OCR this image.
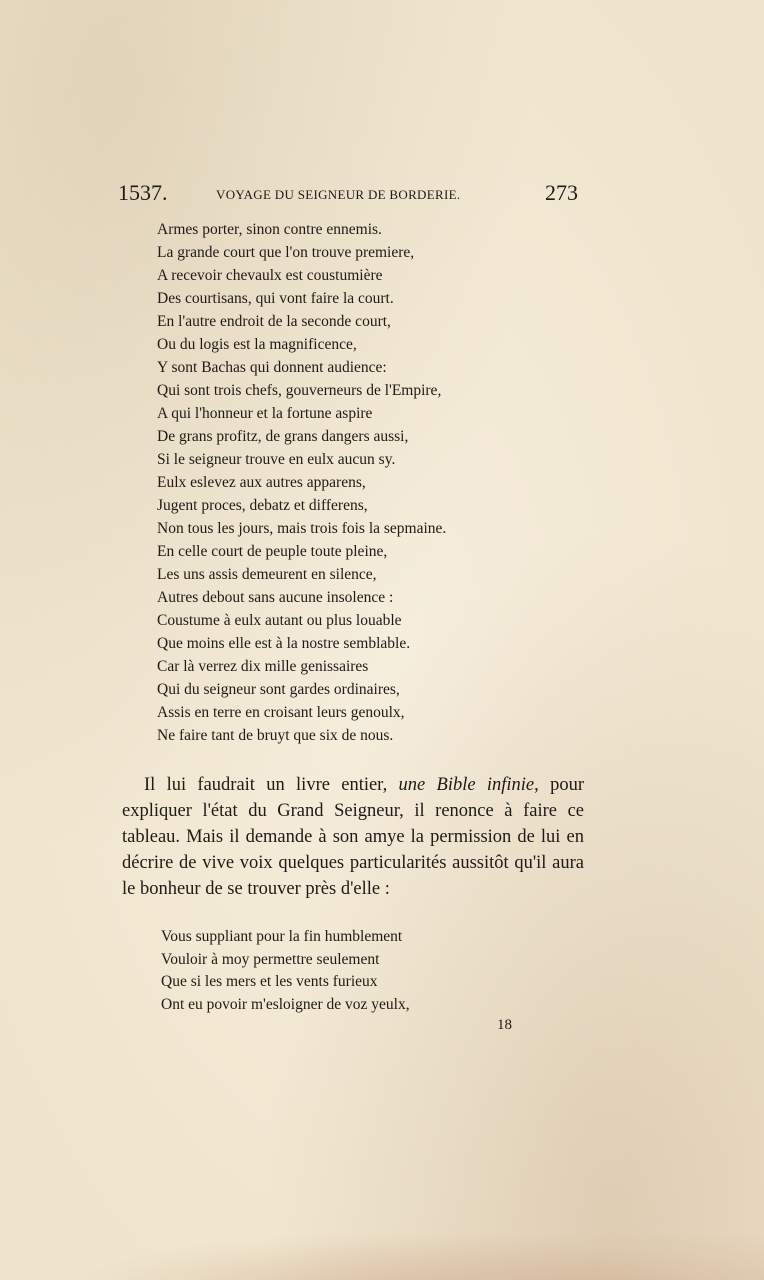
1537.	VOYAGE DU SEIGNEUR DE BORDERIE.	273
Armes porter, sinon contre ennemis.
La grande court que l'on trouve premiere,
A recevoir chevaulx est coustumière
Des courtisans, qui vont faire la court.
En l'autre endroit de la seconde court,
Ou du logis est la magnificence,
Y sont Bachas qui donnent audience:
Qui sont trois chefs, gouverneurs de l'Empire,
A qui l'honneur et la fortune aspire
De grans profitz, de grans dangers aussi,
Si le seigneur trouve en eulx aucun sy.
Eulx eslevez aux autres apparens,
Jugent proces, debatz et differens,
Non tous les jours, mais trois fois la sepmaine.
En celle court de peuple toute pleine,
Les uns assis demeurent en silence,
Autres debout sans aucune insolence :
Coustume à eulx autant ou plus louable
Que moins elle est à la nostre semblable.
Car là verrez dix mille genissaires
Qui du seigneur sont gardes ordinaires,
Assis en terre en croisant leurs genoulx,
Ne faire tant de bruyt que six de nous.

Il lui faudrait un livre entier, une Bible infinie, pour expliquer l'état du Grand Seigneur, il renonce à faire ce tableau. Mais il demande à son amye la permission de lui en décrire de vive voix quelques particularités aussitôt qu'il aura le bonheur de se trouver près d'elle :

Vous suppliant pour la fin humblement
Vouloir à moy permettre seulement
Que si les mers et les vents furieux
Ont eu povoir m'esloigner de voz yeulx,
18
